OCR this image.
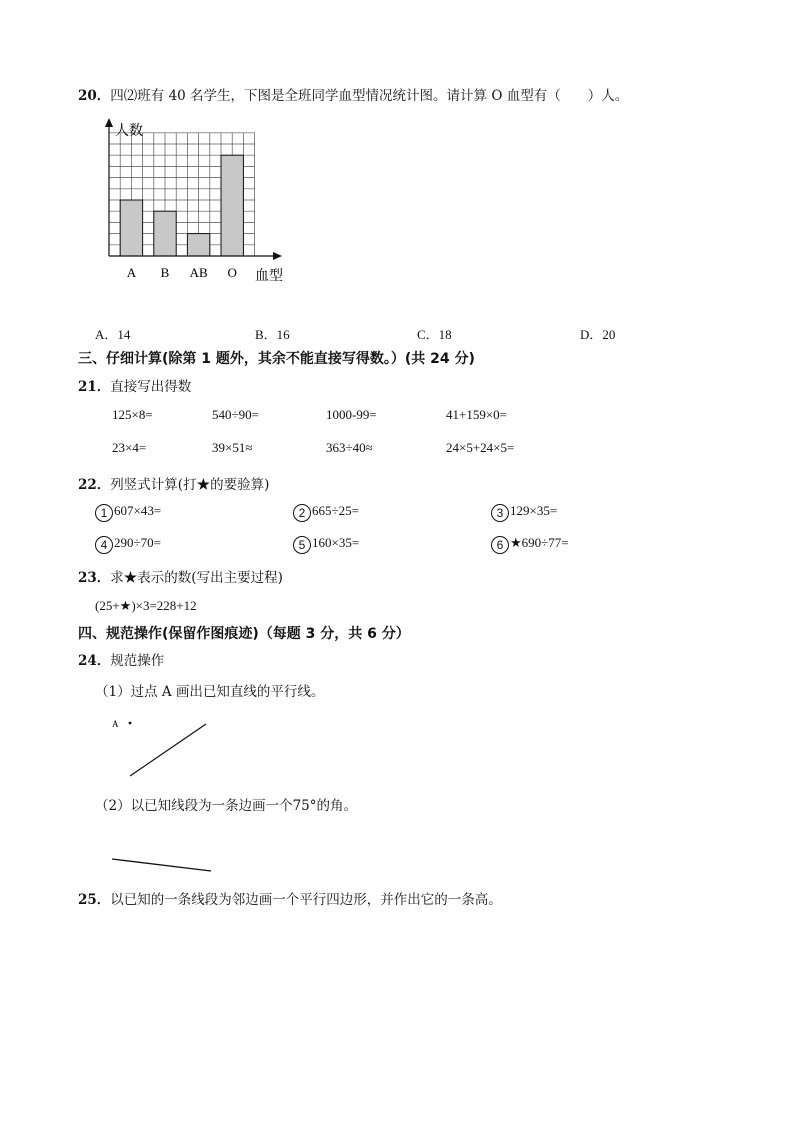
20．四⑵班有 40 名学生，下图是全班同学血型情况统计图。请计算 O 血型有（　　）人。
人数
血型
A B AB O
A．14	B．16	C．18	D．20
三、仔细计算(除第 1 题外，其余不能直接写得数。）(共 24 分)
21．直接写出得数
125×8=	540÷90=	1000-99=	41+159×0=
23×4=	39×51≈	363÷40≈	24×5+24×5=
22．列竖式计算(打★的要验算)
1 607×43=	2 665÷25=	3 129×35=
4 290÷70=	5 160×35=	6 ★690÷77=
23．求★表示的数(写出主要过程)
(25+★)×3=228+12
四、规范操作(保留作图痕迹)（每题 3 分，共 6 分）
24．规范操作
（1）过点 A 画出已知直线的平行线。
A
（2）以已知线段为一条边画一个75°的角。
25．以已知的一条线段为邻边画一个平行四边形，并作出它的一条高。
